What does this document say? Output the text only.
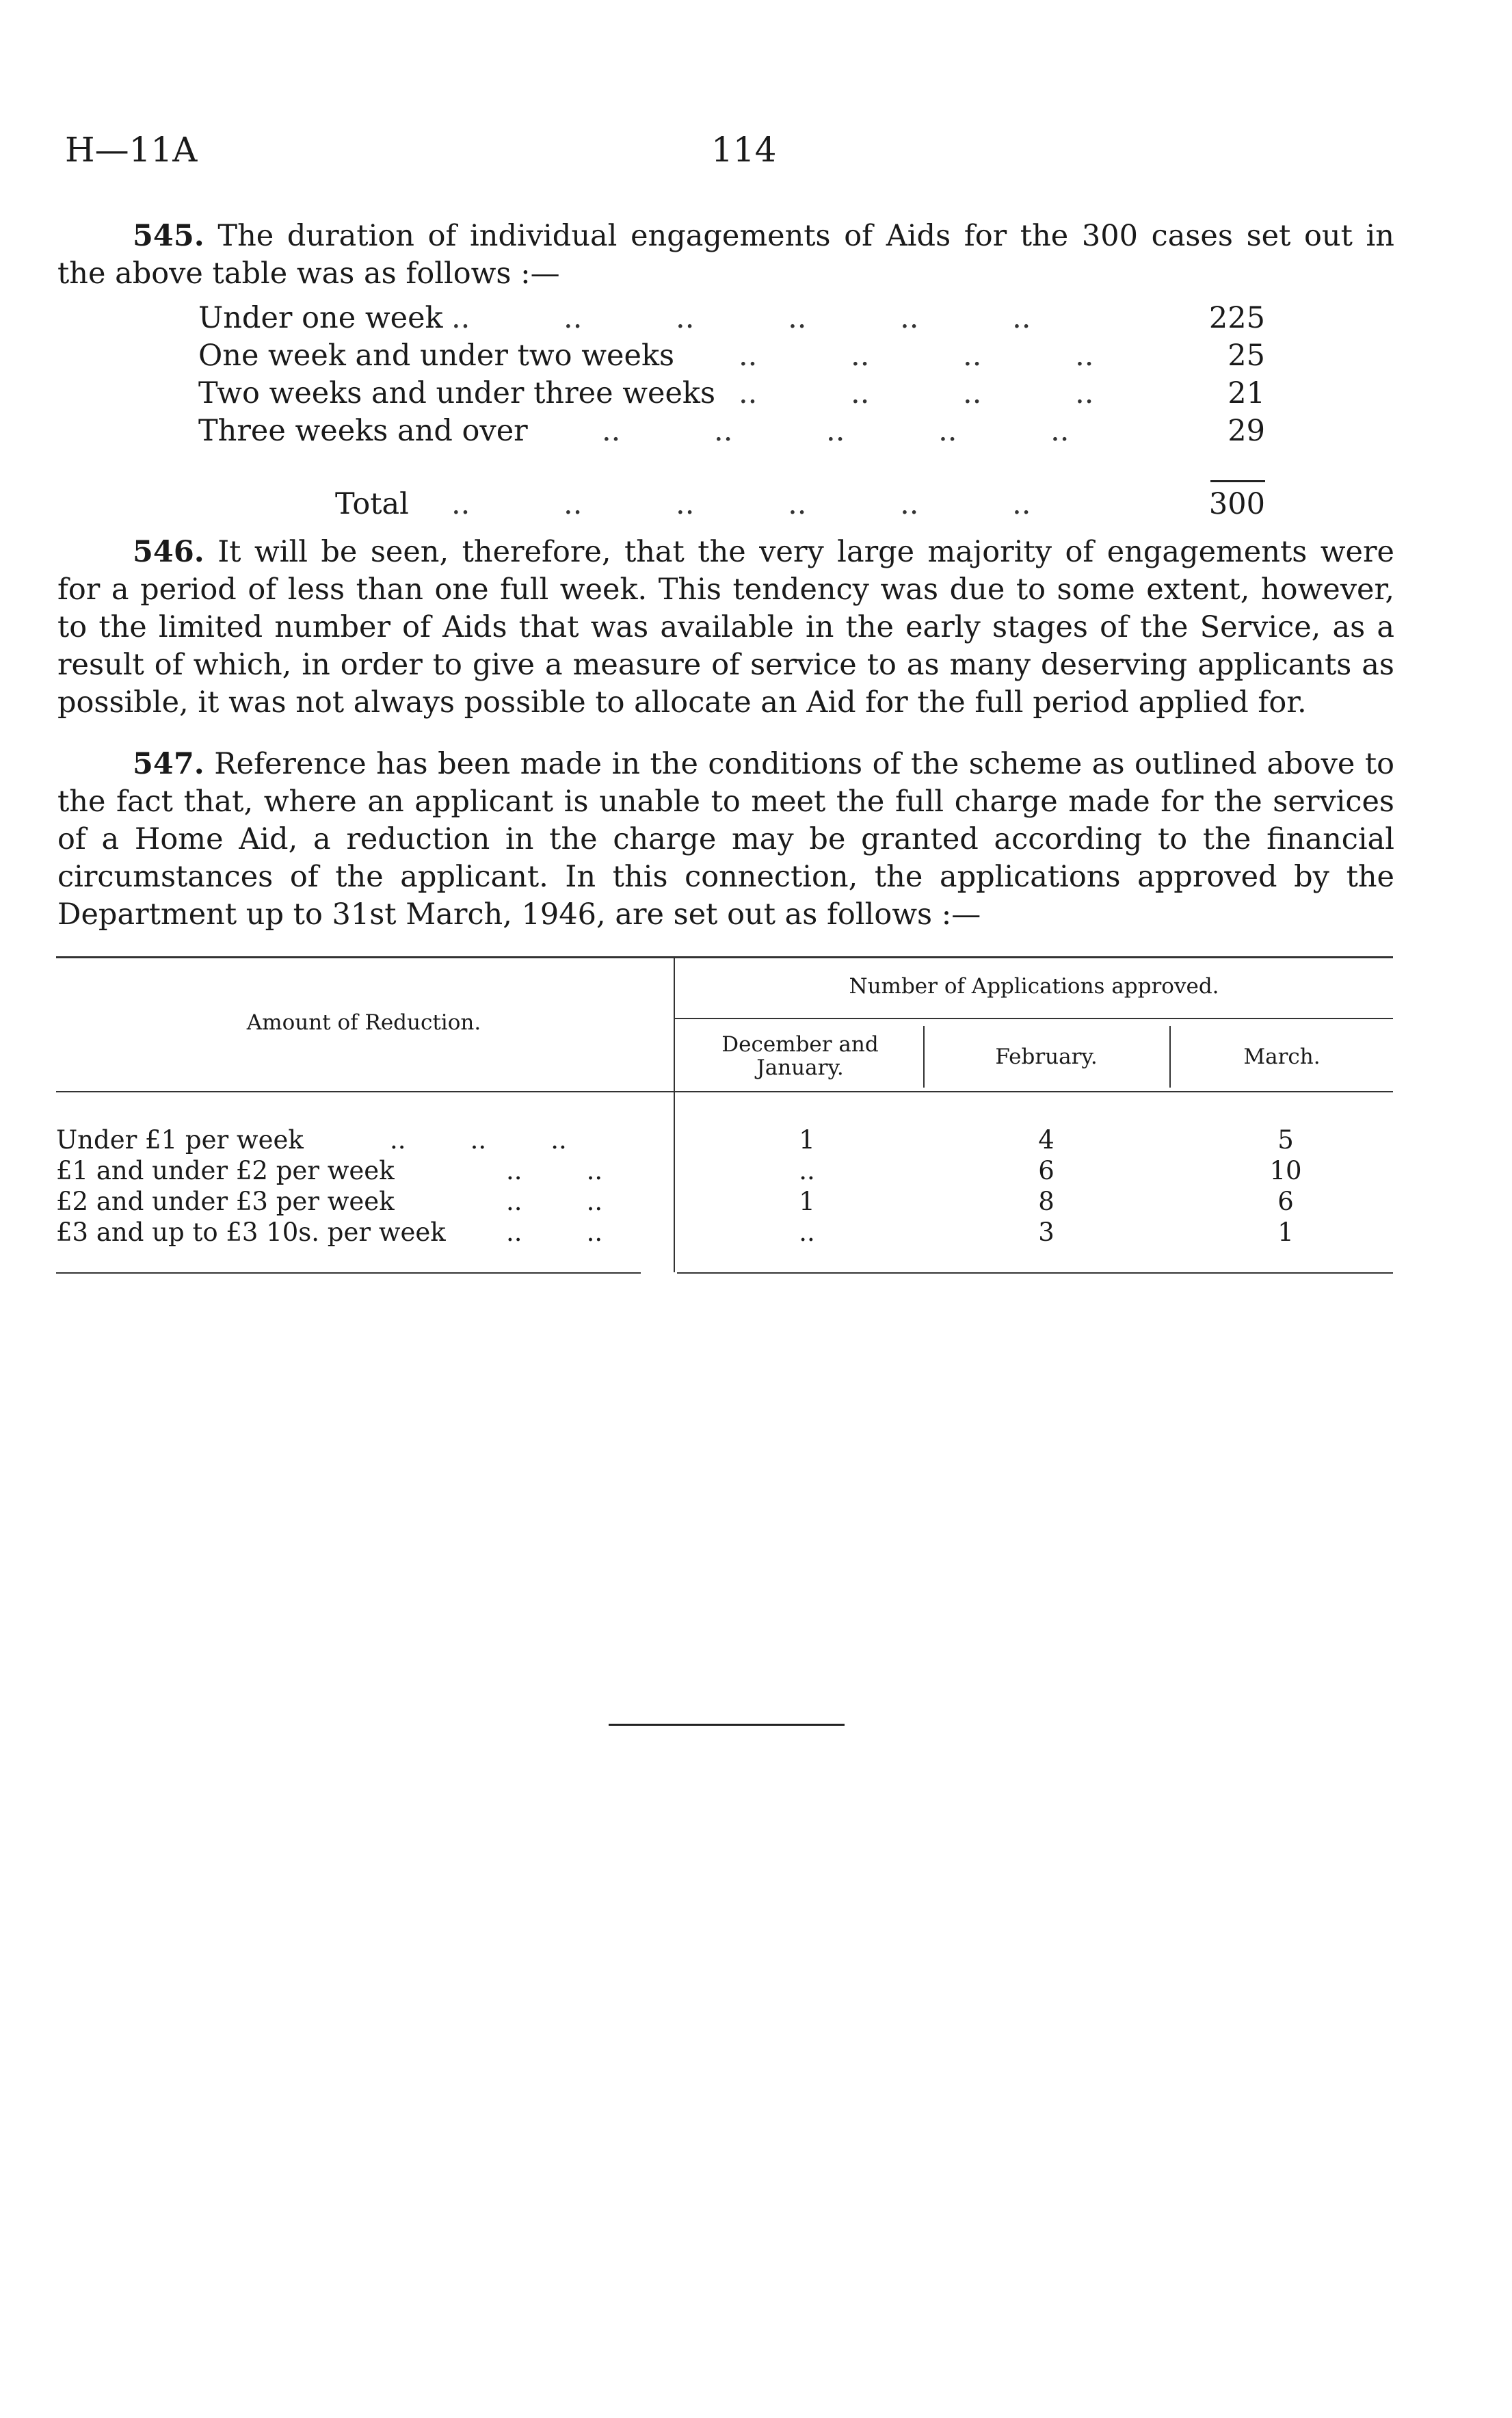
H—11A	114

545. The duration of individual engagements of Aids for the 300 cases set out in the above table was as follows :—

Under one week ..          ..          ..          ..          ..          ..	225
One week and under two weeks ..          ..          ..          ..	25
Two weeks and under three weeks ..          ..          ..          ..	21
Three weeks and over	..          ..          ..          ..          ..	29
Total ..          ..          ..          ..          ..          ..	300

546. It will be seen, therefore, that the very large majority of engagements were for a period of less than one full week. This tendency was due to some extent, however, to the limited number of Aids that was available in the early stages of the Service, as a result of which, in order to give a measure of service to as many deserving applicants as possible, it was not always possible to allocate an Aid for the full period applied for.

547. Reference has been made in the conditions of the scheme as outlined above to the fact that, where an applicant is unable to meet the full charge made for the services of a Home Aid, a reduction in the charge may be granted according to the financial circumstances of the applicant. In this connection, the applications approved by the Department up to 31st March, 1946, are set out as follows :—

Amount of Reduction.
Number of Applications approved.
December and January.	February.	March.
Under £1 per week	..        ..        ..	1	4	5
£1 and under £2 per week	..        ..	..	6	10
£2 and under £3 per week	..        ..	1	8	6
£3 and up to £3 10s. per week ..        ..	..	3	1
